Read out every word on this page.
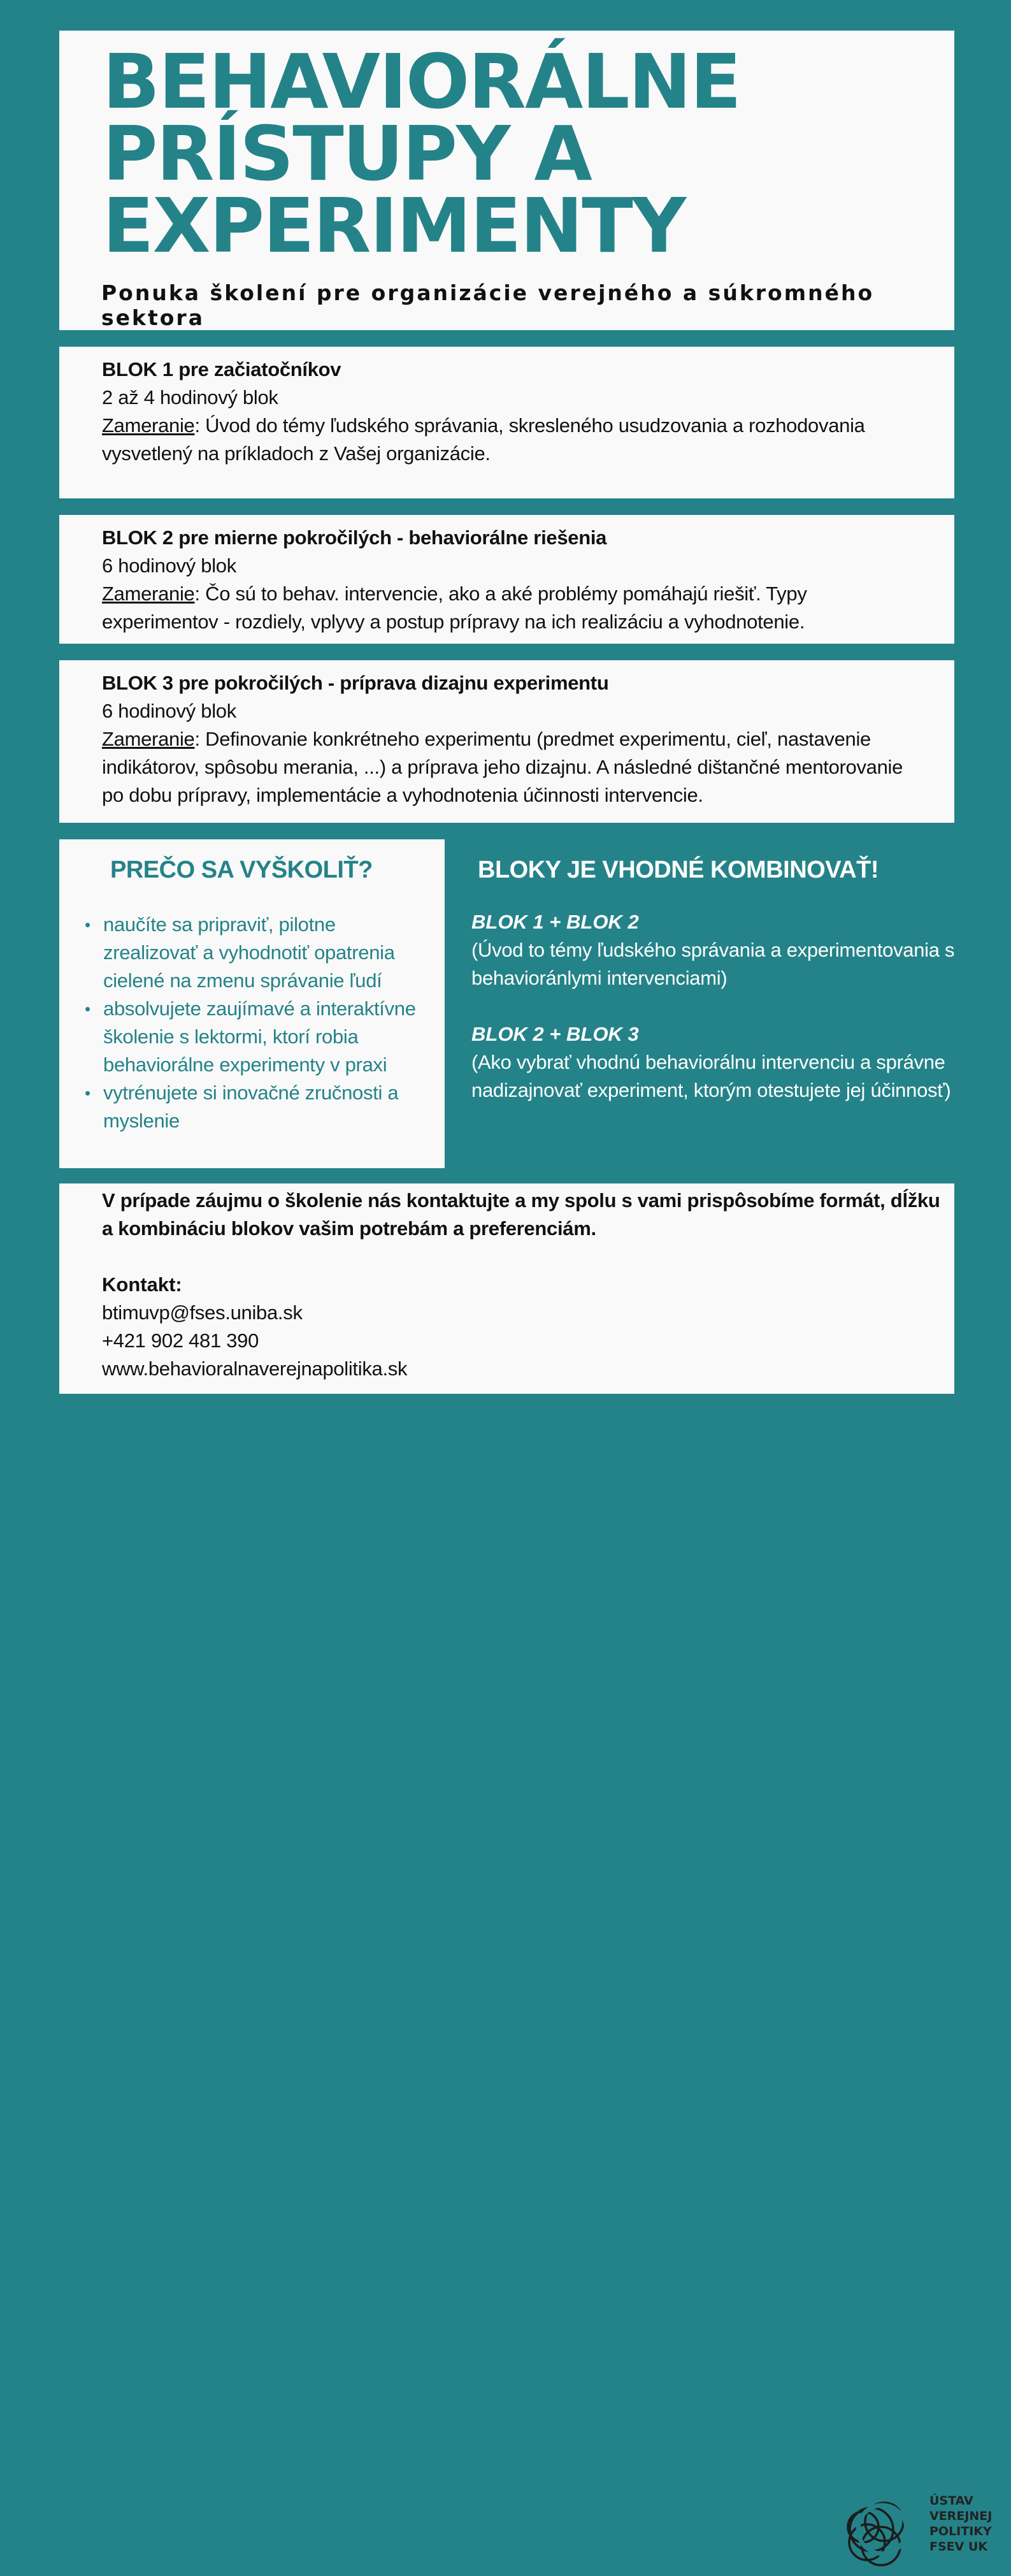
BEHAVIORÁLNE
PRÍSTUPY A
EXPERIMENTY

Ponuka školení pre organizácie verejného a súkromného sektora

BLOK 1 pre začiatočníkov
2 až 4 hodinový blok
Zameranie: Úvod do témy ľudského správania, skresleného usudzovania a rozhodovania
vysvetlený na príkladoch z Vašej organizácie.
BLOK 2 pre mierne pokročilých - behaviorálne riešenia
6 hodinový blok
Zameranie: Čo sú to behav. intervencie, ako a aké problémy pomáhajú riešiť. Typy
experimentov - rozdiely, vplyvy a postup prípravy na ich realizáciu a vyhodnotenie.
BLOK 3 pre pokročilých - príprava dizajnu experimentu
6 hodinový blok
Zameranie: Definovanie konkrétneho experimentu (predmet experimentu, cieľ, nastavenie
indikátorov, spôsobu merania, ...) a príprava jeho dizajnu. A následné dištančné mentorovanie
po dobu prípravy, implementácie a vyhodnotenia účinnosti intervencie.
PREČO SA VYŠKOLIŤ?
• naučíte sa pripraviť, pilotne
zrealizovať a vyhodnotiť opatrenia
cielené na zmenu správanie ľudí
• absolvujete zaujímavé a interaktívne
školenie s lektormi, ktorí robia
behaviorálne experimenty v praxi
• vytrénujete si inovačné zručnosti a
myslenie
BLOKY JE VHODNÉ KOMBINOVAŤ!
BLOK 1 + BLOK 2
(Úvod to témy ľudského správania a experimentovania s
behavioránlymi intervenciami)
BLOK 2 + BLOK 3
(Ako vybrať vhodnú behaviorálnu intervenciu a správne
nadizajnovať experiment, ktorým otestujete jej účinnosť)
V prípade záujmu o školenie nás kontaktujte a my spolu s vami prispôsobíme formát, dĺžku
a kombináciu blokov vašim potrebám a preferenciám.
Kontakt:
btimuvp@fses.uniba.sk
+421 902 481 390
www.behavioralnaverejnapolitika.sk

ÚSTAV
VEREJNEJ
POLITIKY
FSEV UK
